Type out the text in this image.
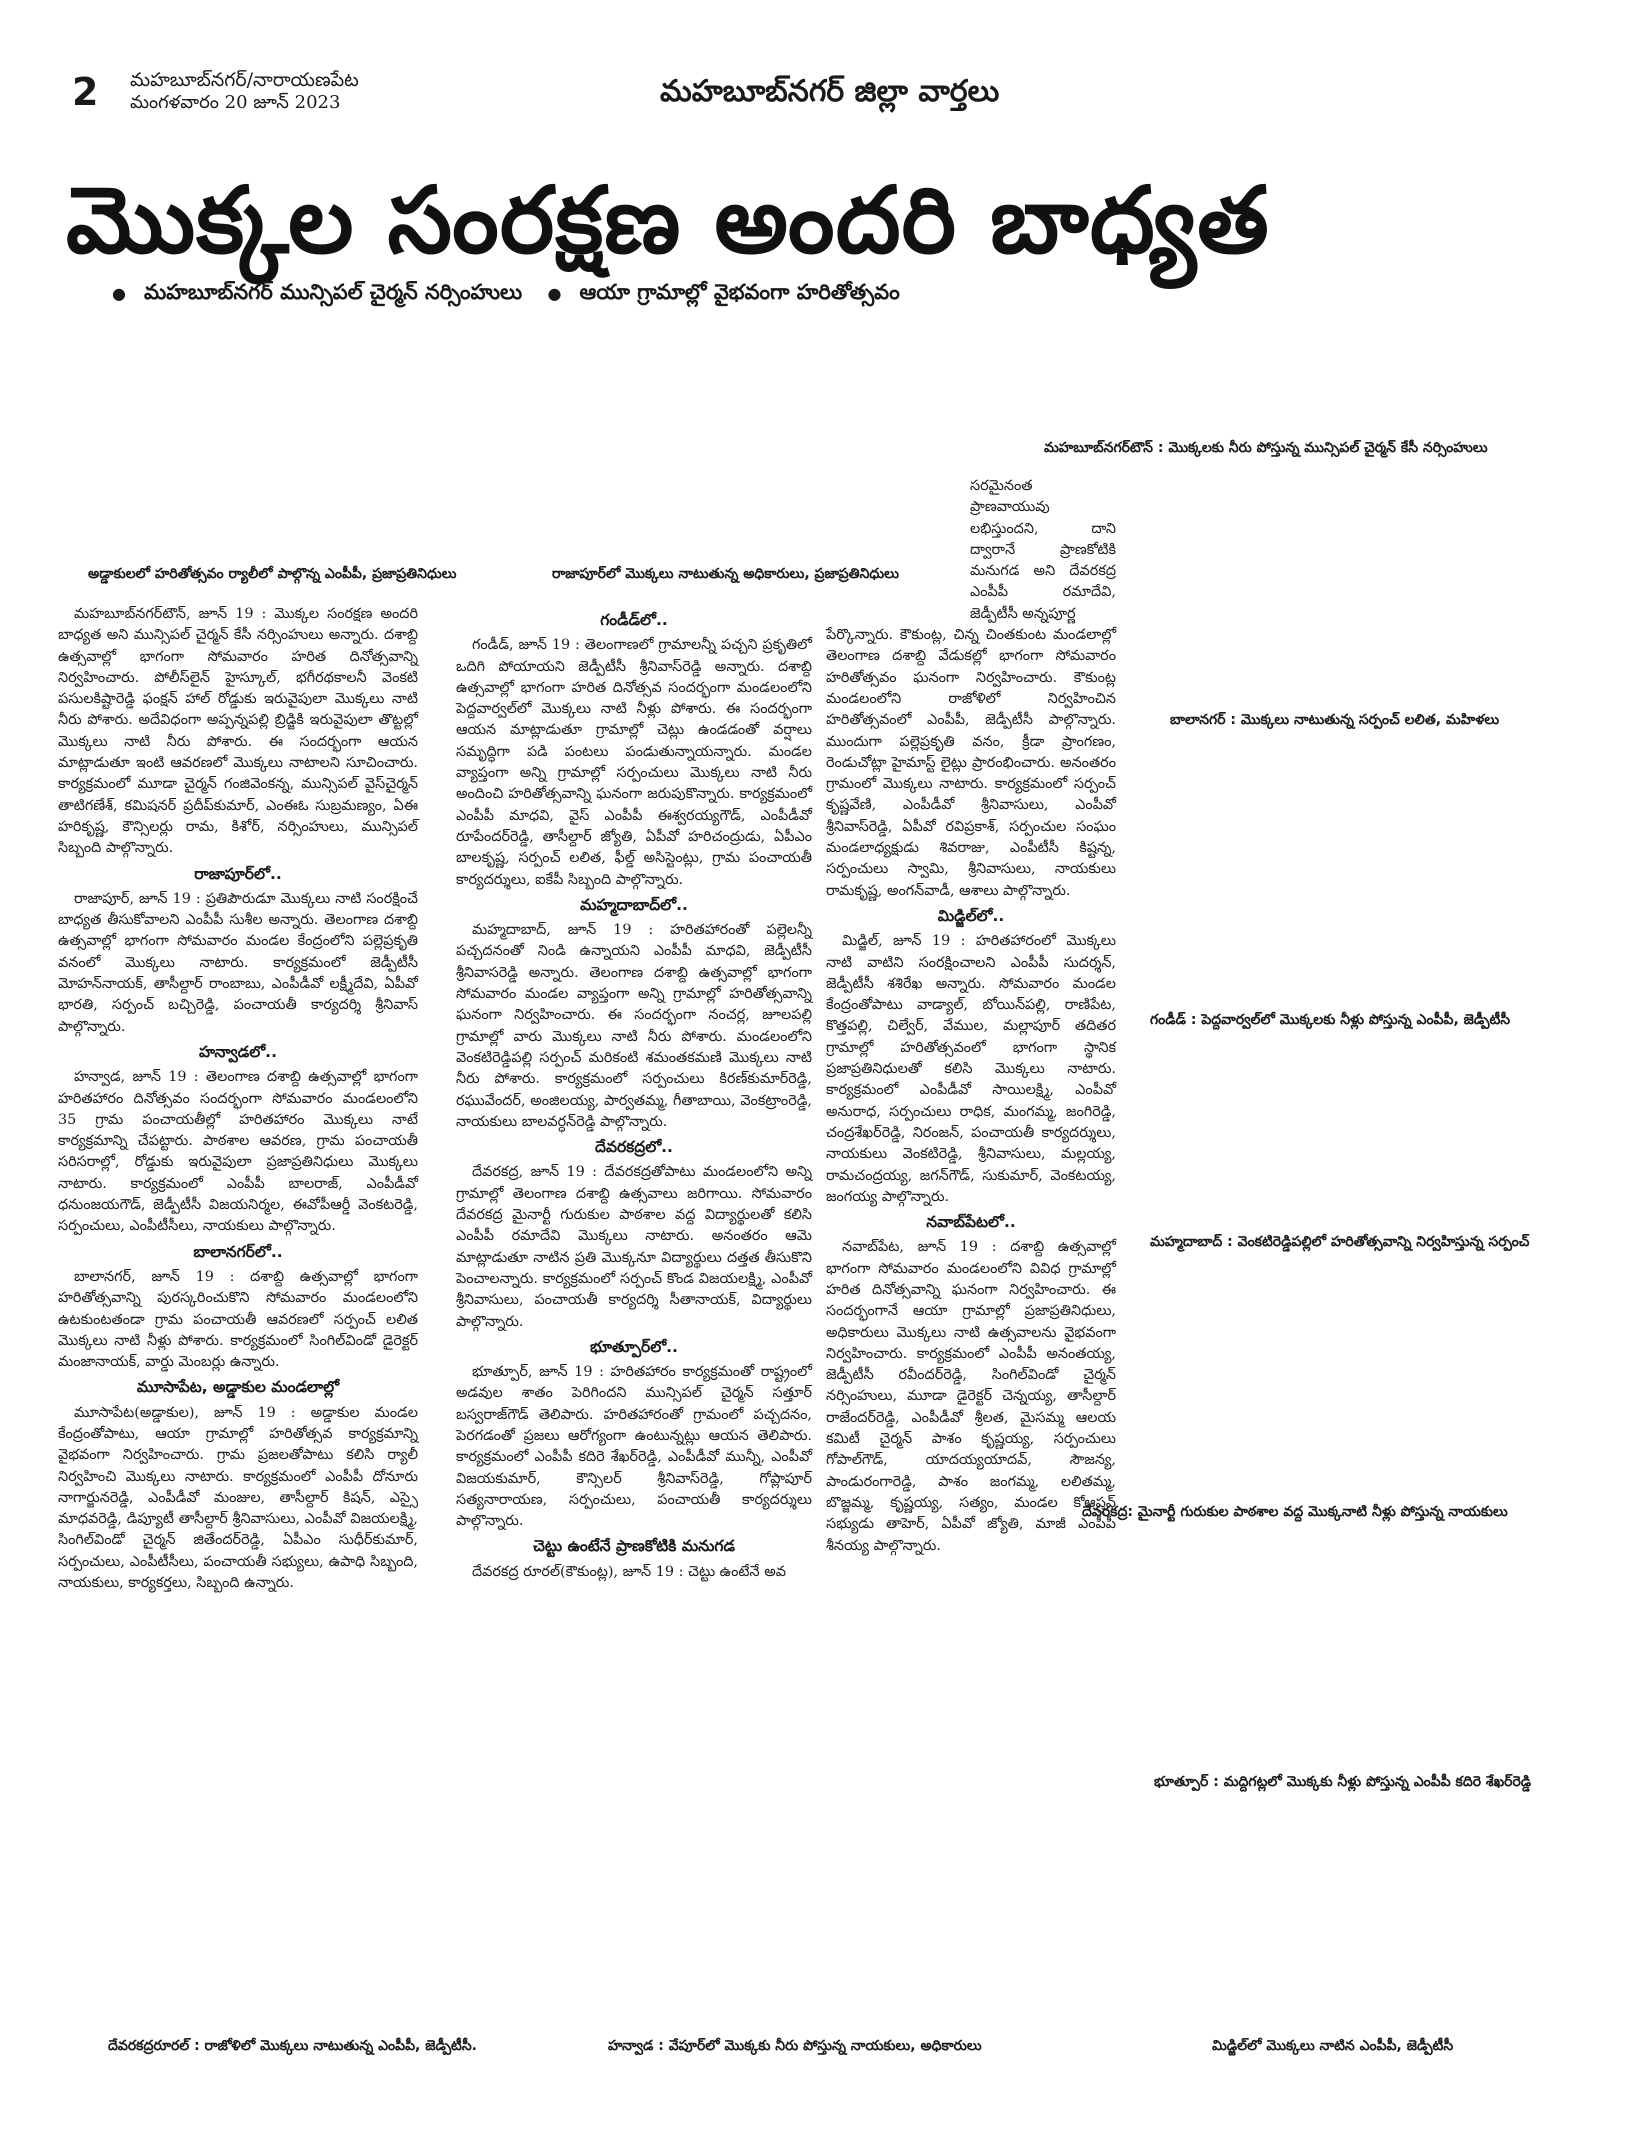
2 మహబూబ్‌నగర్/నారాయణపేట
మంగళవారం 20 జూన్ 2023	మహబూబ్‌నగర్ జిల్లా వార్తలు
మొక్కల సంరక్షణ అందరి బాధ్యత
● మహబూబ్‌నగర్ మున్సిపల్ చైర్మన్ నర్సింహులు ● ఆయా గ్రామాల్లో వైభవంగా హరితోత్సవం
మహబూబ్‌నగర్‌టౌన్ : మొక్కలకు నీరు పోస్తున్న మున్సిపల్ చైర్మన్ కేసీ నర్సింహులు
అడ్డాకులలో హరితోత్సవం ర్యాలీలో పాల్గొన్న ఎంపీపీ, ప్రజాప్రతినిధులు	రాజాపూర్‌లో మొక్కలు నాటుతున్న అధికారులు, ప్రజాప్రతినిధులు
బాలానగర్ : మొక్కలు నాటుతున్న సర్పంచ్ లలిత, మహిళలు
గండీడ్ : పెద్దవార్వల్‌లో మొక్కలకు నీళ్లు పోస్తున్న ఎంపీపీ, జెడ్పీటీసీ
మహ్మదాబాద్ : వెంకటిరెడ్డిపల్లిలో హరితోత్సవాన్ని నిర్వహిస్తున్న సర్పంచ్
దేవరకద్ర: మైనార్టీ గురుకుల పాఠశాల వద్ద మొక్కనాటి నీళ్లు పోస్తున్న నాయకులు
భూత్పూర్ : మద్దిగట్లలో మొక్కకు నీళ్లు పోస్తున్న ఎంపీపీ కదిరె శేఖర్‌రెడ్డి

మహబూబ్‌నగర్‌టౌన్, జూన్ 19 : మొక్కల సంరక్షణ అందరి బాధ్యత అని మున్సిపల్ చైర్మన్ కేసీ నర్సింహులు అన్నారు. దశాబ్ది ఉత్సవాల్లో భాగంగా సోమవారం హరిత దినోత్సవాన్ని నిర్వహించారు. పోలీస్‌లైన్ హైస్కూల్, భగీరథకాలనీ వెంకటి పసులకిష్టారెడ్డి ఫంక్షన్ హాల్ రోడ్డుకు ఇరువైపులా మొక్కలు నాటి నీరు పోశారు. అదేవిధంగా అప్పన్నపల్లి బ్రిడ్జికి ఇరువైపులా తొట్టల్లో మొక్కలు నాటి నీరు పోశారు. ఈ సందర్భంగా ఆయన మాట్లాడుతూ ఇంటి ఆవరణలో మొక్కలు నాటాలని సూచించారు. కార్యక్రమంలో మూడా చైర్మన్ గంజివెంకన్న, మున్సిపల్ వైస్‌చైర్మన్ తాటిగణేశ్, కమిషనర్ ప్రదీప్‌కుమార్, ఎంఈఓ సుబ్రమణ్యం, ఏఈ హరికృష్ణ, కౌన్సిలర్లు రామ, కిశోర్, నర్సింహులు, మున్సిపల్ సిబ్బంది పాల్గొన్నారు.

రాజాపూర్‌లో..

రాజాపూర్, జూన్ 19 : ప్రతిపౌరుడూ మొక్కలు నాటి సంరక్షించే బాధ్యత తీసుకోవాలని ఎంపీపీ సుశీల అన్నారు. తెలంగాణ దశాబ్ది ఉత్సవాల్లో భాగంగా సోమవారం మండల కేంద్రంలోని పల్లెప్రకృతి వనంలో మొక్కలు నాటారు. కార్యక్రమంలో జెడ్పీటీసీ మోహన్‌నాయక్, తాసీల్దార్ రాంబాబు, ఎంపీడీవో లక్ష్మీదేవి, ఏపీవో భారతి, సర్పంచ్ బచ్చిరెడ్డి, పంచాయతీ కార్యదర్శి శ్రీనివాస్ పాల్గొన్నారు.

హన్వాడలో..

హన్వాడ, జూన్ 19 : తెలంగాణ దశాబ్ది ఉత్సవాల్లో భాగంగా హరితహారం దినోత్సవం సందర్భంగా సోమవారం మండలంలోని 35 గ్రామ పంచాయతీల్లో హరితహారం మొక్కలు నాటే కార్యక్రమాన్ని చేపట్టారు. పాఠశాల ఆవరణ, గ్రామ పంచాయతీ సరిసరాల్లో, రోడ్డుకు ఇరువైపులా ప్రజాప్రతినిధులు మొక్కలు నాటారు. కార్యక్రమంలో ఎంపీపీ బాలరాజ్, ఎంపీడీవో ధనుంజయగౌడ్, జెడ్పీటీసీ విజయనిర్మల, ఈవోపీఆర్డీ వెంకటరెడ్డి, సర్పంచులు, ఎంపీటీసీలు, నాయకులు పాల్గొన్నారు.

బాలానగర్‌లో..

బాలానగర్, జూన్ 19 : దశాబ్ది ఉత్సవాల్లో భాగంగా హరితోత్సవాన్ని పురస్కరించుకొని సోమవారం మండలంలోని ఉటకుంటతండా గ్రామ పంచాయతీ ఆవరణలో సర్పంచ్ లలిత మొక్కలు నాటి నీళ్లు పోశారు. కార్యక్రమంలో సింగిల్‌విండో డైరెక్టర్ మంజానాయక్, వార్డు మెంబర్లు ఉన్నారు.

మూసాపేట, అడ్డాకుల మండలాల్లో

మూసాపేట(అడ్డాకుల), జూన్ 19 : అడ్డాకుల మండల కేంద్రంతోపాటు, ఆయా గ్రామాల్లో హరితోత్సవ కార్యక్రమాన్ని వైభవంగా నిర్వహించారు. గ్రామ ప్రజలతోపాటు కలిసి ర్యాలీ నిర్వహించి మొక్కలు నాటారు. కార్యక్రమంలో ఎంపీపీ దోనూరు నాగార్జునరెడ్డి, ఎంపీడీవో మంజుల, తాసీల్దార్ కిషన్, ఎస్సై మాధవరెడ్డి, డిప్యూటీ తాసీల్దార్ శ్రీనివాసులు, ఎంపీవో విజయలక్ష్మి, సింగిల్‌విండో చైర్మన్ జితేందర్‌రెడ్డి, ఏపీఎం సుధీర్‌కుమార్, సర్పంచులు, ఎంపీటీసీలు, పంచాయతీ సభ్యులు, ఉపాధి సిబ్బంది, నాయకులు, కార్యకర్తలు, సిబ్బంది ఉన్నారు.

గండీడ్‌లో..

గండీడ్, జూన్ 19 : తెలంగాణలో గ్రామాలన్నీ పచ్చని ప్రకృతిలో ఒదిగి పోయాయని జెడ్పీటీసీ శ్రీనివాస్‌రెడ్డి అన్నారు. దశాబ్ది ఉత్సవాల్లో భాగంగా హరిత దినోత్సవ సందర్భంగా మండలంలోని పెద్దవార్వల్‌లో మొక్కలు నాటి నీళ్లు పోశారు. ఈ సందర్భంగా ఆయన మాట్లాడుతూ గ్రామాల్లో చెట్లు ఉండడంతో వర్షాలు సమృద్ధిగా పడి పంటలు పండుతున్నాయన్నారు. మండల వ్యాప్తంగా అన్ని గ్రామాల్లో సర్పంచులు మొక్కలు నాటి నీరు అందించి హరితోత్సవాన్ని ఘనంగా జరుపుకొన్నారు. కార్యక్రమంలో ఎంపీపీ మాధవి, వైస్ ఎంపీపీ ఈశ్వరయ్యగౌడ్, ఎంపీడీవో రూపేందర్‌రెడ్డి, తాసీల్దార్ జ్యోతి, ఏపీవో హరిచంద్రుడు, ఏపీఎం బాలకృష్ణ, సర్పంచ్ లలిత, ఫీల్డ్ అసిస్టెంట్లు, గ్రామ పంచాయతీ కార్యదర్శులు, ఐకేపీ సిబ్బంది పాల్గొన్నారు.

మహ్మదాబాద్‌లో..

మహ్మదాబాద్, జూన్ 19 : హరితహారంతో పల్లెలన్నీ పచ్చదనంతో నిండి ఉన్నాయని ఎంపీపీ మాధవి, జెడ్పీటీసీ శ్రీనివాసరెడ్డి అన్నారు. తెలంగాణ దశాబ్ది ఉత్సవాల్లో భాగంగా సోమవారం మండల వ్యాప్తంగా అన్ని గ్రామాల్లో హరితోత్సవాన్ని ఘనంగా నిర్వహించారు. ఈ సందర్భంగా నంచర్ల, జూలపల్లి గ్రామాల్లో వారు మొక్కలు నాటి నీరు పోశారు. మండలంలోని వెంకటిరెడ్డిపల్లి సర్పంచ్ మరికంటి శమంతకమణి మొక్కలు నాటి నీరు పోశారు. కార్యక్రమంలో సర్పంచులు కిరణ్‌కుమార్‌రెడ్డి, రఘువేందర్, అంజిలయ్య, పార్వతమ్మ, గీతాబాయి, వెంకట్రాంరెడ్డి, నాయకులు బాలవర్ధన్‌రెడ్డి పాల్గొన్నారు.

దేవరకద్రలో..

దేవరకద్ర, జూన్ 19 : దేవరకద్రతోపాటు మండలంలోని అన్ని గ్రామాల్లో తెలంగాణ దశాబ్ది ఉత్సవాలు జరిగాయి. సోమవారం దేవరకద్ర మైనార్టీ గురుకుల పాఠశాల వద్ద విద్యార్థులతో కలిసి ఎంపీపీ రమాదేవి మొక్కలు నాటారు. అనంతరం ఆమె మాట్లాడుతూ నాటిన ప్రతి మొక్కనూ విద్యార్థులు దత్తత తీసుకొని పెంచాలన్నారు. కార్యక్రమంలో సర్పంచ్ కొండ విజయలక్ష్మి, ఎంపీవో శ్రీనివాసులు, పంచాయతీ కార్యదర్శి సీతానాయక్, విద్యార్థులు పాల్గొన్నారు.

భూత్పూర్‌లో..

భూత్పూర్, జూన్ 19 : హరితహారం కార్యక్రమంతో రాష్ట్రంలో అడవుల శాతం పెరిగిందని మున్సిపల్ చైర్మన్ సత్తూర్ బస్వరాజ్‌గౌడ్ తెలిపారు. హరితహారంతో గ్రామంలో పచ్చదనం, పెరగడంతో ప్రజలు ఆరోగ్యంగా ఉంటున్నట్లు ఆయన తెలిపారు. కార్యక్రమంలో ఎంపీపీ కదిరె శేఖర్‌రెడ్డి, ఎంపీడీవో మున్నీ, ఎంపీవో విజయకుమార్, కౌన్సిలర్ శ్రీనివాస్‌రెడ్డి, గోప్లాపూర్ సత్యనారాయణ, సర్పంచులు, పంచాయతీ కార్యదర్శులు పాల్గొన్నారు.

చెట్టు ఉంటేనే ప్రాణకోటికి మనుగడ

దేవరకద్ర రూరల్(కౌకుంట్ల), జూన్ 19 : చెట్టు ఉంటేనే అవ

సరమైనంత ప్రాణవాయువు లభిస్తుందని, దాని ద్వారానే ప్రాణకోటికి మనుగడ అని దేవరకద్ర ఎంపీపీ రమాదేవి, జెడ్పీటీసీ అన్నపూర్ణ

పేర్కొన్నారు. కౌకుంట్ల, చిన్న చింతకుంట మండలాల్లో తెలంగాణ దశాబ్ది వేడుకల్లో భాగంగా సోమవారం హరితోత్సవం ఘనంగా నిర్వహించారు. కౌకుంట్ల మండలంలోని రాజోళిలో నిర్వహించిన హరితోత్సవంలో ఎంపీపీ, జెడ్పీటీసీ పాల్గొన్నారు. ముందుగా పల్లెప్రకృతి వనం, క్రీడా ప్రాంగణం, రెండుచోట్లా హైమాస్ట్ లైట్లు ప్రారంభించారు. అనంతరం గ్రామంలో మొక్కలు నాటారు. కార్యక్రమంలో సర్పంచ్ కృష్ణవేణి, ఎంపీడీవో శ్రీనివాసులు, ఎంపీవో శ్రీనివాస్‌రెడ్డి, ఏపీవో రవిప్రకాశ్, సర్పంచుల సంఘం మండలాధ్యక్షుడు శివరాజు, ఎంపీటీసీ కిష్టన్న, సర్పంచులు స్వామి, శ్రీనివాసులు, నాయకులు రామకృష్ణ, అంగన్‌వాడీ, ఆశాలు పాల్గొన్నారు.

మిడ్జిల్‌లో..

మిడ్జిల్, జూన్ 19 : హరితహారంలో మొక్కలు నాటి వాటిని సంరక్షించాలని ఎంపీపీ సుదర్శన్, జెడ్పీటీసీ శశిరేఖ అన్నారు. సోమవారం మండల కేంద్రంతోపాటు వాడ్యాల్, బోయిన్‌పల్లి, రాణిపేట, కొత్తపల్లి, చిల్వేర్, వేముల, మల్లాపూర్ తదితర గ్రామాల్లో హరితోత్సవంలో భాగంగా స్థానిక ప్రజాప్రతినిధులతో కలిసి మొక్కలు నాటారు. కార్యక్రమంలో ఎంపీడీవో సాయిలక్ష్మి, ఎంపీవో అనురాధ, సర్పంచులు రాధిక, మంగమ్మ, జంగిరెడ్డి, చంద్రశేఖర్‌రెడ్డి, నిరంజన్, పంచాయతీ కార్యదర్శులు, నాయకులు వెంకటిరెడ్డి, శ్రీనివాసులు, మల్లయ్య, రామచంద్రయ్య, జగన్‌గౌడ్, సుకుమార్, వెంకటయ్య, జంగయ్య పాల్గొన్నారు.

నవాబ్‌పేటలో..

నవాబ్‌పేట, జూన్ 19 : దశాబ్ది ఉత్సవాల్లో భాగంగా సోమవారం మండలంలోని వివిధ గ్రామాల్లో హరిత దినోత్సవాన్ని ఘనంగా నిర్వహించారు. ఈ సందర్భంగానే ఆయా గ్రామాల్లో ప్రజాప్రతినిధులు, అధికారులు మొక్కలు నాటి ఉత్సవాలను వైభవంగా నిర్వహించారు. కార్యక్రమంలో ఎంపీపీ అనంతయ్య, జెడ్పీటీసీ రవీందర్‌రెడ్డి, సింగిల్‌విండో చైర్మన్ నర్సింహులు, మూడా డైరెక్టర్ చెన్నయ్య, తాసీల్దార్ రాజేందర్‌రెడ్డి, ఎంపీడీవో శ్రీలత, మైసమ్మ ఆలయ కమిటీ చైర్మన్ పాశం కృష్ణయ్య, సర్పంచులు గోపాల్‌గౌడ్, యాదయ్యయాదవ్, సౌజన్య, పాండురంగారెడ్డి, పాశం జంగమ్మ, లలితమ్మ, బొజ్జమ్మ, కృష్ణయ్య, సత్యం, మండల కోఆప్షన్ సభ్యుడు తాహెర్, ఏపీవో జ్యోతి, మాజీ ఎంపీపీ శీనయ్య పాల్గొన్నారు.

దేవరకద్రరూరల్ : రాజోళిలో మొక్కలు నాటుతున్న ఎంపీపీ, జెడ్పీటీసీ.	హన్వాడ : వేపూర్‌లో మొక్కకు నీరు పోస్తున్న నాయకులు, అధికారులు	మిడ్జిల్‌లో మొక్కలు నాటిన ఎంపీపీ, జెడ్పీటీసీ
